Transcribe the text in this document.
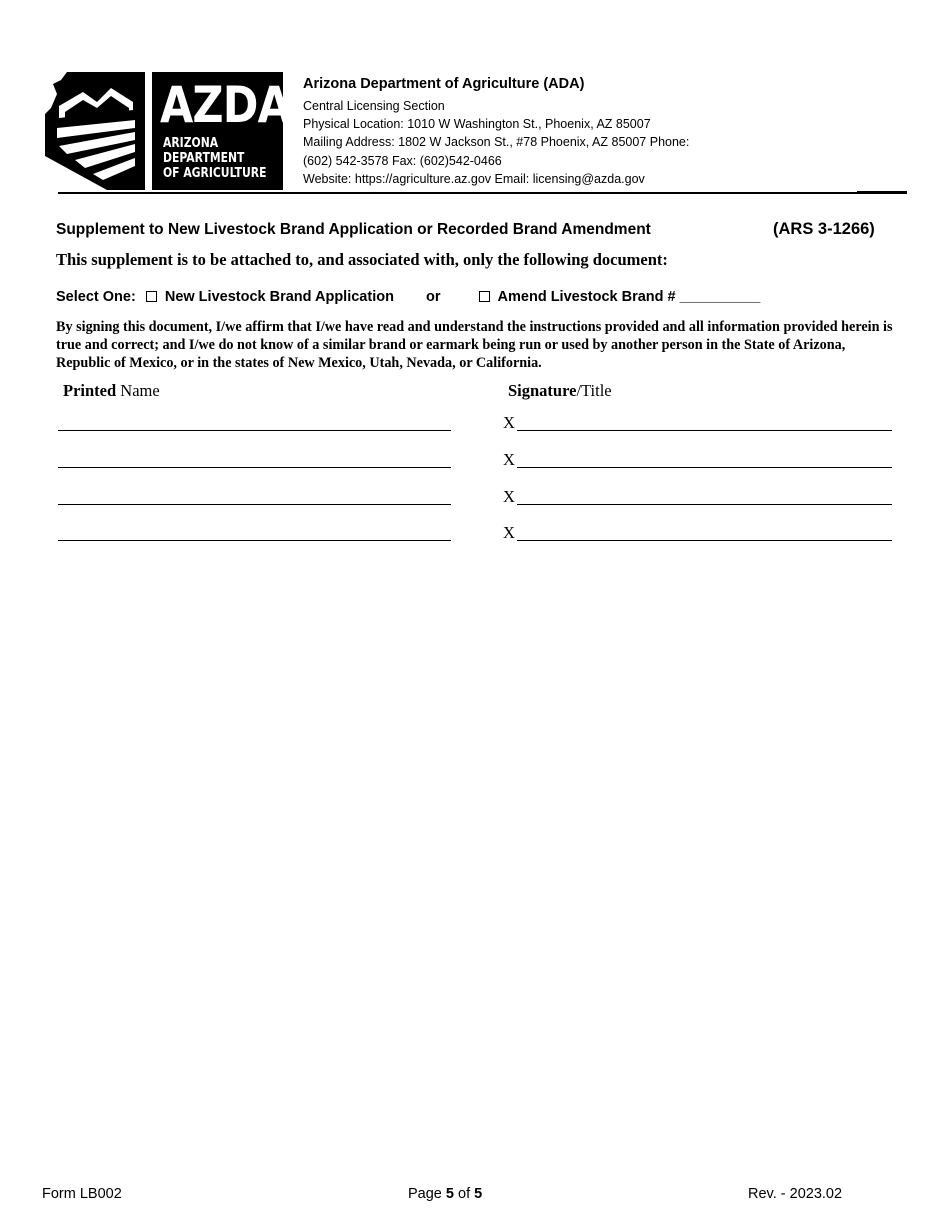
AZDA
ARIZONA
DEPARTMENT
OF AGRICULTURE
Arizona Department of Agriculture (ADA)
Central Licensing Section
Physical Location: 1010 W Washington St., Phoenix, AZ 85007
Mailing Address: 1802 W Jackson St., #78 Phoenix, AZ 85007 Phone:
(602) 542-3578 Fax: (602)542-0466
Website: https://agriculture.az.gov Email: licensing@azda.gov
Supplement to New Livestock Brand Application or Recorded Brand Amendment	(ARS 3-1266)
This supplement is to be attached to, and associated with, only the following document:
Select One: New Livestock Brand Application or	Amend Livestock Brand # __________
By signing this document, I/we affirm that I/we have read and understand the instructions provided and all information provided herein is true and correct; and I/we do not know of a similar brand or earmark being run or used by another person in the State of Arizona, Republic of Mexico, or in the states of New Mexico, Utah, Nevada, or California.
Printed Name	Signature/Title
X
X
X
X
Form LB002	Page 5 of 5	Rev. - 2023.02
